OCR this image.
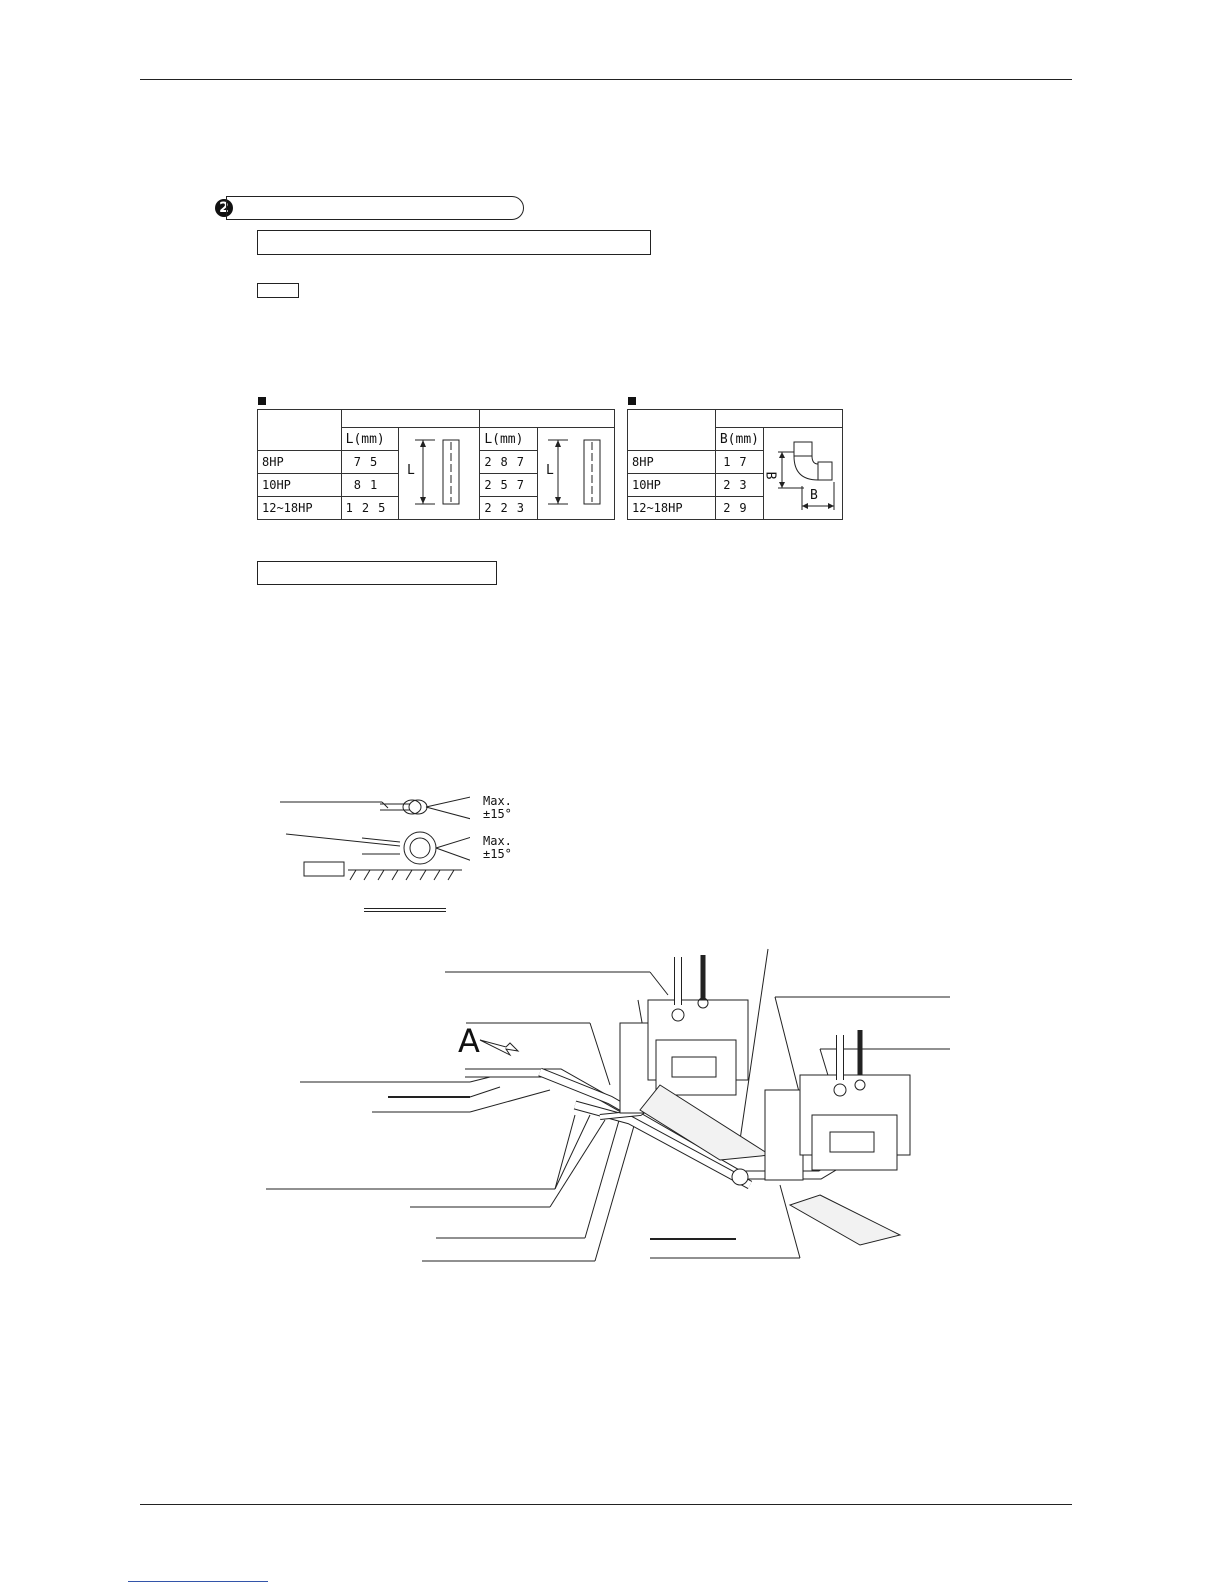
2

	L(mm)		L(mm)	
8HP	75		287	
10HP	81		257	
12~18HP	125		223	
L	L

	B(mm)	B
B

8HP	17	
10HP	23	
12~18HP	29	
Max.
±15°
Max.
±15°
A
